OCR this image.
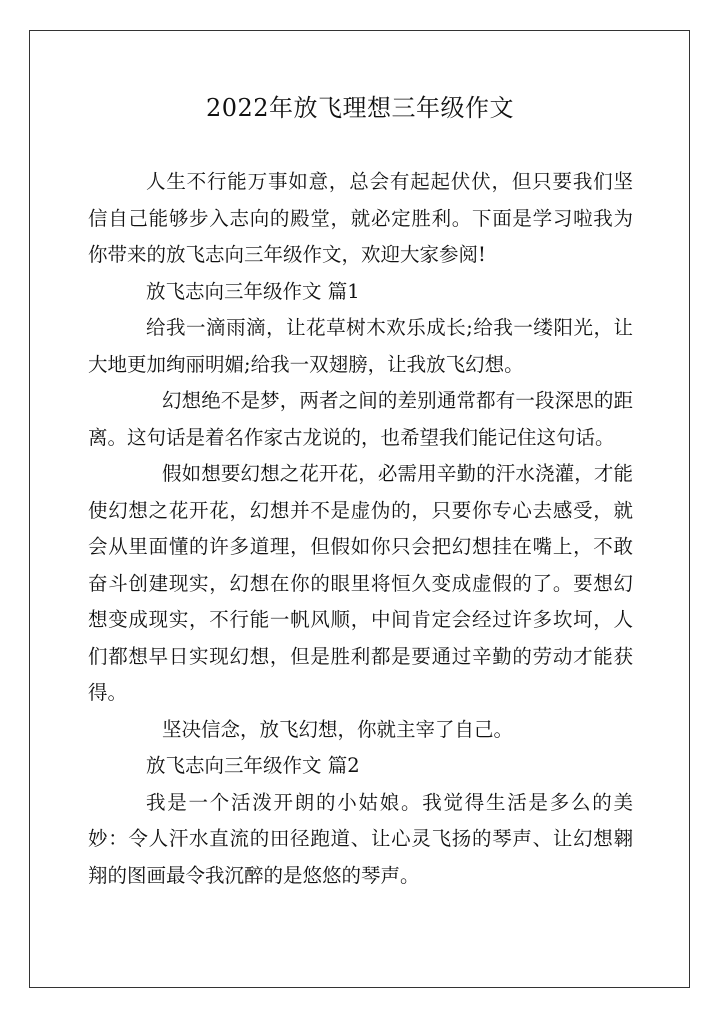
2022年放飞理想三年级作文

人生不行能万事如意，总会有起起伏伏，但只要我们坚信自己能够步入志向的殿堂，就必定胜利。下面是学习啦我为你带来的放飞志向三年级作文，欢迎大家参阅!

放飞志向三年级作文 篇1

给我一滴雨滴，让花草树木欢乐成长;给我一缕阳光，让大地更加绚丽明媚;给我一双翅膀，让我放飞幻想。

幻想绝不是梦，两者之间的差别通常都有一段深思的距离。这句话是着名作家古龙说的，也希望我们能记住这句话。

假如想要幻想之花开花，必需用辛勤的汗水浇灌，才能使幻想之花开花，幻想并不是虚伪的，只要你专心去感受，就会从里面懂的许多道理，但假如你只会把幻想挂在嘴上，不敢奋斗创建现实，幻想在你的眼里将恒久变成虚假的了。要想幻想变成现实，不行能一帆风顺，中间肯定会经过许多坎坷，人们都想早日实现幻想，但是胜利都是要通过辛勤的劳动才能获得。

坚决信念，放飞幻想，你就主宰了自己。

放飞志向三年级作文 篇2

我是一个活泼开朗的小姑娘。我觉得生活是多么的美妙：令人汗水直流的田径跑道、让心灵飞扬的琴声、让幻想翱翔的图画最令我沉醉的是悠悠的琴声。
